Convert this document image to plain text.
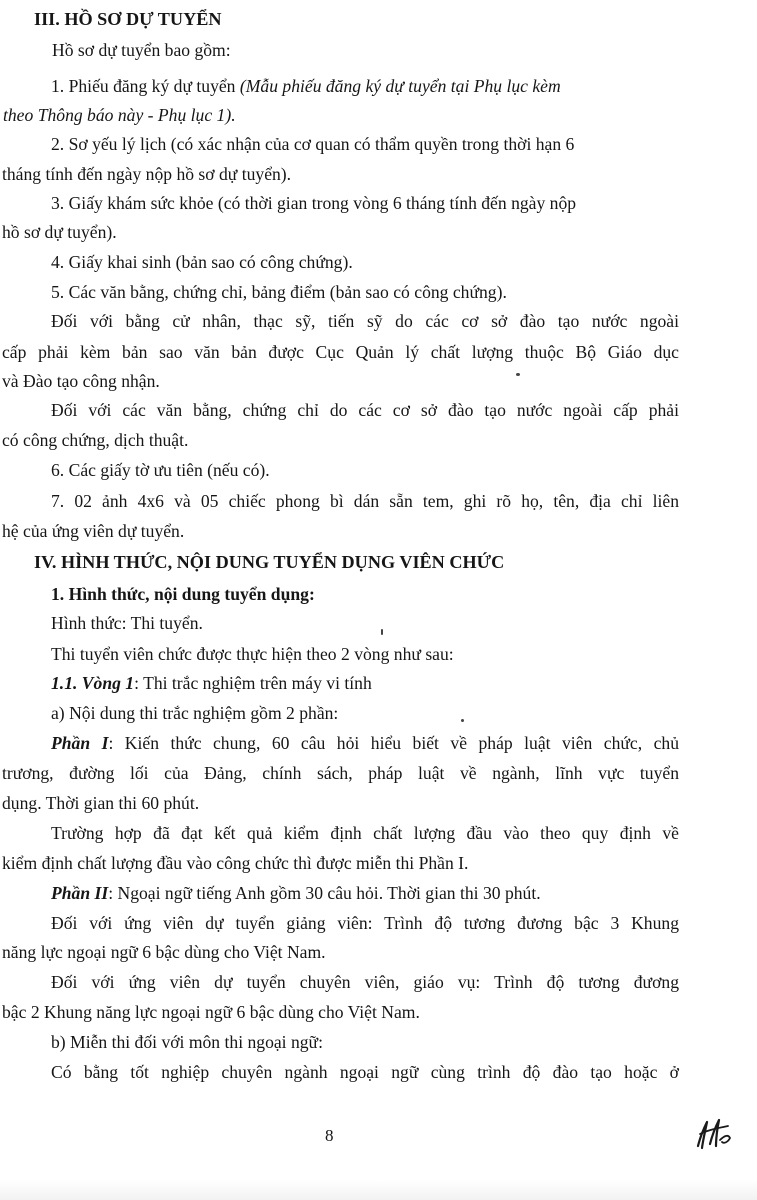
III. HỒ SƠ DỰ TUYỂN
Hồ sơ dự tuyển bao gồm:
1. Phiếu đăng ký dự tuyển (Mẫu phiếu đăng ký dự tuyển tại Phụ lục kèm
theo Thông báo này - Phụ lục 1).
2. Sơ yếu lý lịch (có xác nhận của cơ quan có thẩm quyền trong thời hạn 6
tháng tính đến ngày nộp hồ sơ dự tuyển).
3. Giấy khám sức khỏe (có thời gian trong vòng 6 tháng tính đến ngày nộp
hồ sơ dự tuyển).
4. Giấy khai sinh (bản sao có công chứng).
5. Các văn bằng, chứng chỉ, bảng điểm (bản sao có công chứng).
Đối với bằng cử nhân, thạc sỹ, tiến sỹ do các cơ sở đào tạo nước ngoài
cấp phải kèm bản sao văn bản được Cục Quản lý chất lượng thuộc Bộ Giáo dục
và Đào tạo công nhận.
Đối với các văn bằng, chứng chỉ do các cơ sở đào tạo nước ngoài cấp phải
có công chứng, dịch thuật.
6. Các giấy tờ ưu tiên (nếu có).
7. 02 ảnh 4x6 và 05 chiếc phong bì dán sẵn tem, ghi rõ họ, tên, địa chỉ liên
hệ của ứng viên dự tuyển.
IV. HÌNH THỨC, NỘI DUNG TUYỂN DỤNG VIÊN CHỨC
1. Hình thức, nội dung tuyển dụng:
Hình thức: Thi tuyển.
Thi tuyển viên chức được thực hiện theo 2 vòng như sau:
1.1. Vòng 1: Thi trắc nghiệm trên máy vi tính
a) Nội dung thi trắc nghiệm gồm 2 phần:
Phần I: Kiến thức chung, 60 câu hỏi hiểu biết về pháp luật viên chức, chủ
trương, đường lối của Đảng, chính sách, pháp luật về ngành, lĩnh vực tuyển
dụng. Thời gian thi 60 phút.
Trường hợp đã đạt kết quả kiểm định chất lượng đầu vào theo quy định về
kiểm định chất lượng đầu vào công chức thì được miễn thi Phần I.
Phần II: Ngoại ngữ tiếng Anh gồm 30 câu hỏi. Thời gian thi 30 phút.
Đối với ứng viên dự tuyển giảng viên: Trình độ tương đương bậc 3 Khung
năng lực ngoại ngữ 6 bậc dùng cho Việt Nam.
Đối với ứng viên dự tuyển chuyên viên, giáo vụ: Trình độ tương đương
bậc 2 Khung năng lực ngoại ngữ 6 bậc dùng cho Việt Nam.
b) Miễn thi đối với môn thi ngoại ngữ:
Có bằng tốt nghiệp chuyên ngành ngoại ngữ cùng trình độ đào tạo hoặc ở
8
